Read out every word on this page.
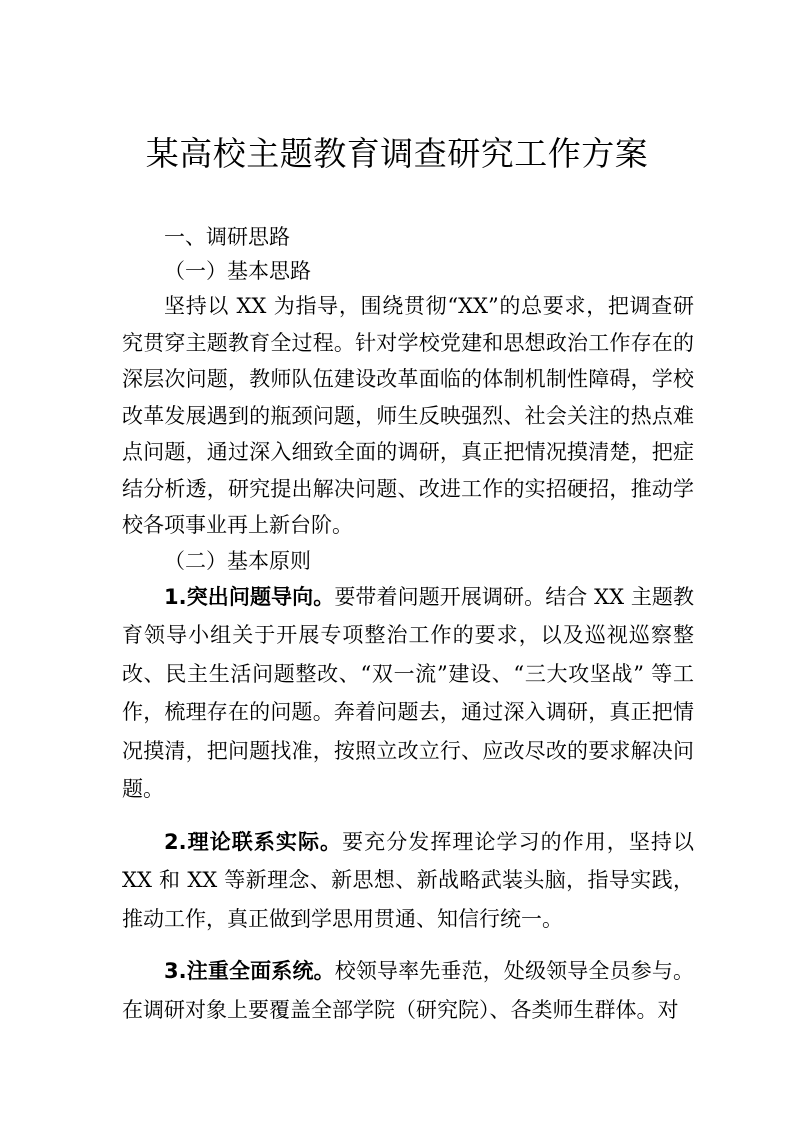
某高校主题教育调查研究工作方案

一、调研思路

（一）基本思路

坚持以 XX 为指导，围绕贯彻“XX”的总要求，把调查研究贯穿主题教育全过程。针对学校党建和思想政治工作存在的深层次问题，教师队伍建设改革面临的体制机制性障碍，学校改革发展遇到的瓶颈问题，师生反映强烈、社会关注的热点难点问题，通过深入细致全面的调研，真正把情况摸清楚，把症结分析透，研究提出解决问题、改进工作的实招硬招，推动学校各项事业再上新台阶。

（二）基本原则

1.突出问题导向。要带着问题开展调研。结合 XX 主题教育领导小组关于开展专项整治工作的要求，以及巡视巡察整改、民主生活问题整改、“双一流”建设、“三大攻坚战” 等工作，梳理存在的问题。奔着问题去，通过深入调研，真正把情况摸清，把问题找准，按照立改立行、应改尽改的要求解决问题。

2.理论联系实际。要充分发挥理论学习的作用，坚持以 XX 和 XX 等新理念、新思想、新战略武装头脑，指导实践，推动工作，真正做到学思用贯通、知信行统一。

3.注重全面系统。校领导率先垂范，处级领导全员参与。在调研对象上要覆盖全部学院（研究院）、各类师生群体。对
